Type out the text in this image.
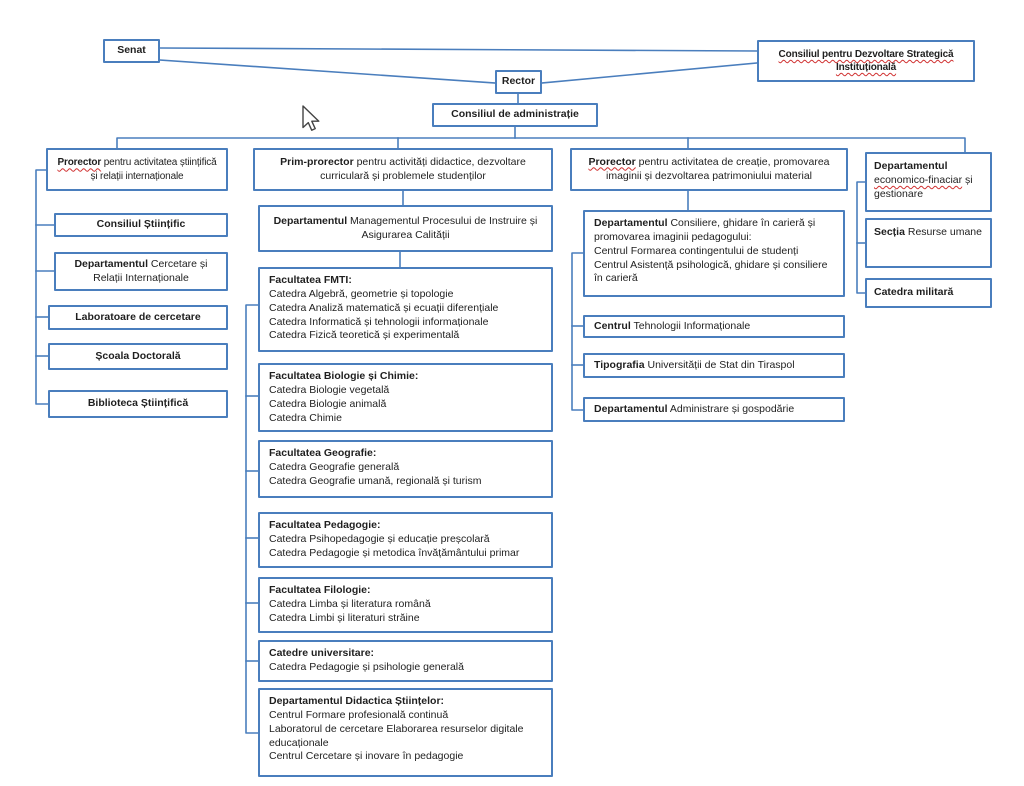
Senat	Consiliul pentru Dezvoltare Strategică Instituțională
Rector
Consiliul de administrație
Prorector pentru activitatea științifică și relații internaționale
Consiliul Științific
Departamentul Cercetare și Relații Internaționale
Laboratoare de cercetare
Școala Doctorală
Biblioteca Științifică
Prim-prorector pentru activități didactice, dezvoltare curriculară și problemele studenților
Departamentul Managementul Procesului de Instruire și Asigurarea Calității
Facultatea FMTI:
Catedra Algebră, geometrie și topologie
Catedra Analiză matematică și ecuații diferențiale
Catedra Informatică și tehnologii informaționale
Catedra Fizică teoretică și experimentală
Facultatea Biologie și Chimie:
Catedra Biologie vegetală
Catedra Biologie animală
Catedra Chimie
Facultatea Geografie:
Catedra Geografie generală
Catedra Geografie umană, regională și turism
Facultatea Pedagogie:
Catedra Psihopedagogie și educație preșcolară
Catedra Pedagogie și metodica învățământului primar
Facultatea Filologie:
Catedra Limba și literatura română
Catedra Limbi și literaturi străine
Catedre universitare:
Catedra Pedagogie și psihologie generală
Departamentul Didactica Științelor:
Centrul Formare profesională continuă
Laboratorul de cercetare Elaborarea resurselor digitale educaționale
Centrul Cercetare și inovare în pedagogie
Prorector pentru activitatea de creație, promovarea imaginii și dezvoltarea patrimoniului material
Departamentul Consiliere, ghidare în carieră și promovarea imaginii pedagogului:
Centrul Formarea contingentului de studenți
Centrul Asistență psihologică, ghidare și consiliere în carieră
Centrul Tehnologii Informaționale
Tipografia Universității de Stat din Tiraspol
Departamentul Administrare și gospodărie
Departamentul economico-finaciar și gestionare
Secția Resurse umane
Catedra militară
